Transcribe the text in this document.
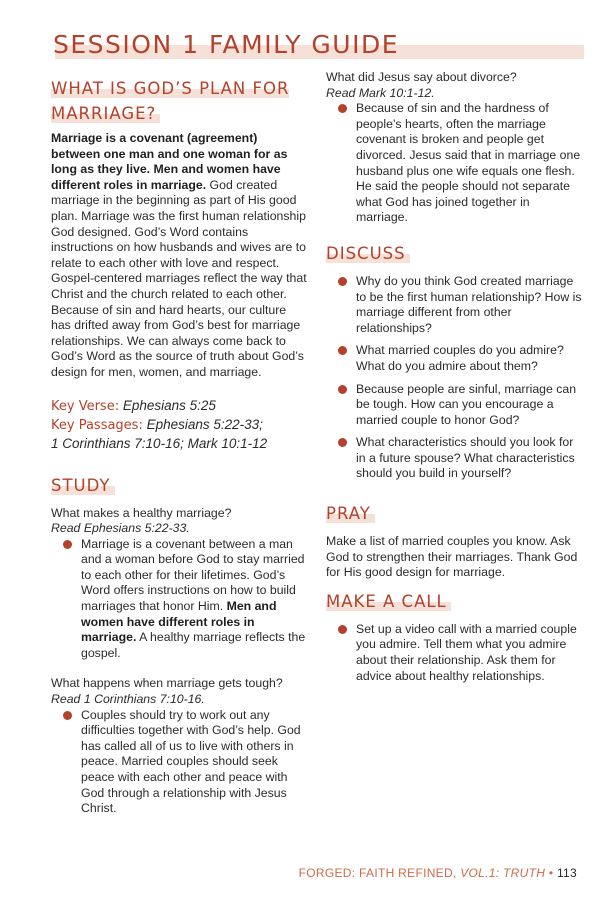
SESSION 1 FAMILY GUIDE
WHAT IS GOD’S PLAN FOR MARRIAGE?

Marriage is a covenant (agreement) between one man and one woman for as long as they live. Men and women have different roles in marriage. God created marriage in the beginning as part of His good plan. Marriage was the first human relationship God designed. God’s Word contains instructions on how husbands and wives are to relate to each other with love and respect. Gospel-centered marriages reflect the way that Christ and the church related to each other. Because of sin and hard hearts, our culture has drifted away from God’s best for marriage relationships. We can always come back to God’s Word as the source of truth about God’s design for men, women, and marriage.

Key Verse: Ephesians 5:25
Key Passages: Ephesians 5:22-33;
1 Corinthians 7:10-16; Mark 10:1-12
STUDY

What makes a healthy marriage?

Read Ephesians 5:22-33.

Marriage is a covenant between a man and a woman before God to stay married to each other for their lifetimes. God’s Word offers instructions on how to build marriages that honor Him. Men and women have different roles in marriage. A healthy marriage reflects the gospel.

What happens when marriage gets tough?

Read 1 Corinthians 7:10-16.

Couples should try to work out any difficulties together with God’s help. God has called all of us to live with others in peace. Married couples should seek peace with each other and peace with God through a relationship with Jesus Christ.

What did Jesus say about divorce?

Read Mark 10:1-12.

Because of sin and the hardness of people’s hearts, often the marriage covenant is broken and people get divorced. Jesus said that in marriage one husband plus one wife equals one flesh. He said the people should not separate what God has joined together in marriage.
DISCUSS
Why do you think God created marriage to be the first human relationship? How is marriage different from other relationships?
What married couples do you admire? What do you admire about them?
Because people are sinful, marriage can be tough. How can you encourage a married couple to honor God?
What characteristics should you look for in a future spouse? What characteristics should you build in yourself?
PRAY

Make a list of married couples you know. Ask God to strengthen their marriages. Thank God for His good design for marriage.

MAKE A CALL
Set up a video call with a married couple you admire. Tell them what you admire about their relationship. Ask them for advice about healthy relationships.
FORGED: FAITH REFINED, VOL.1: TRUTH • 113
